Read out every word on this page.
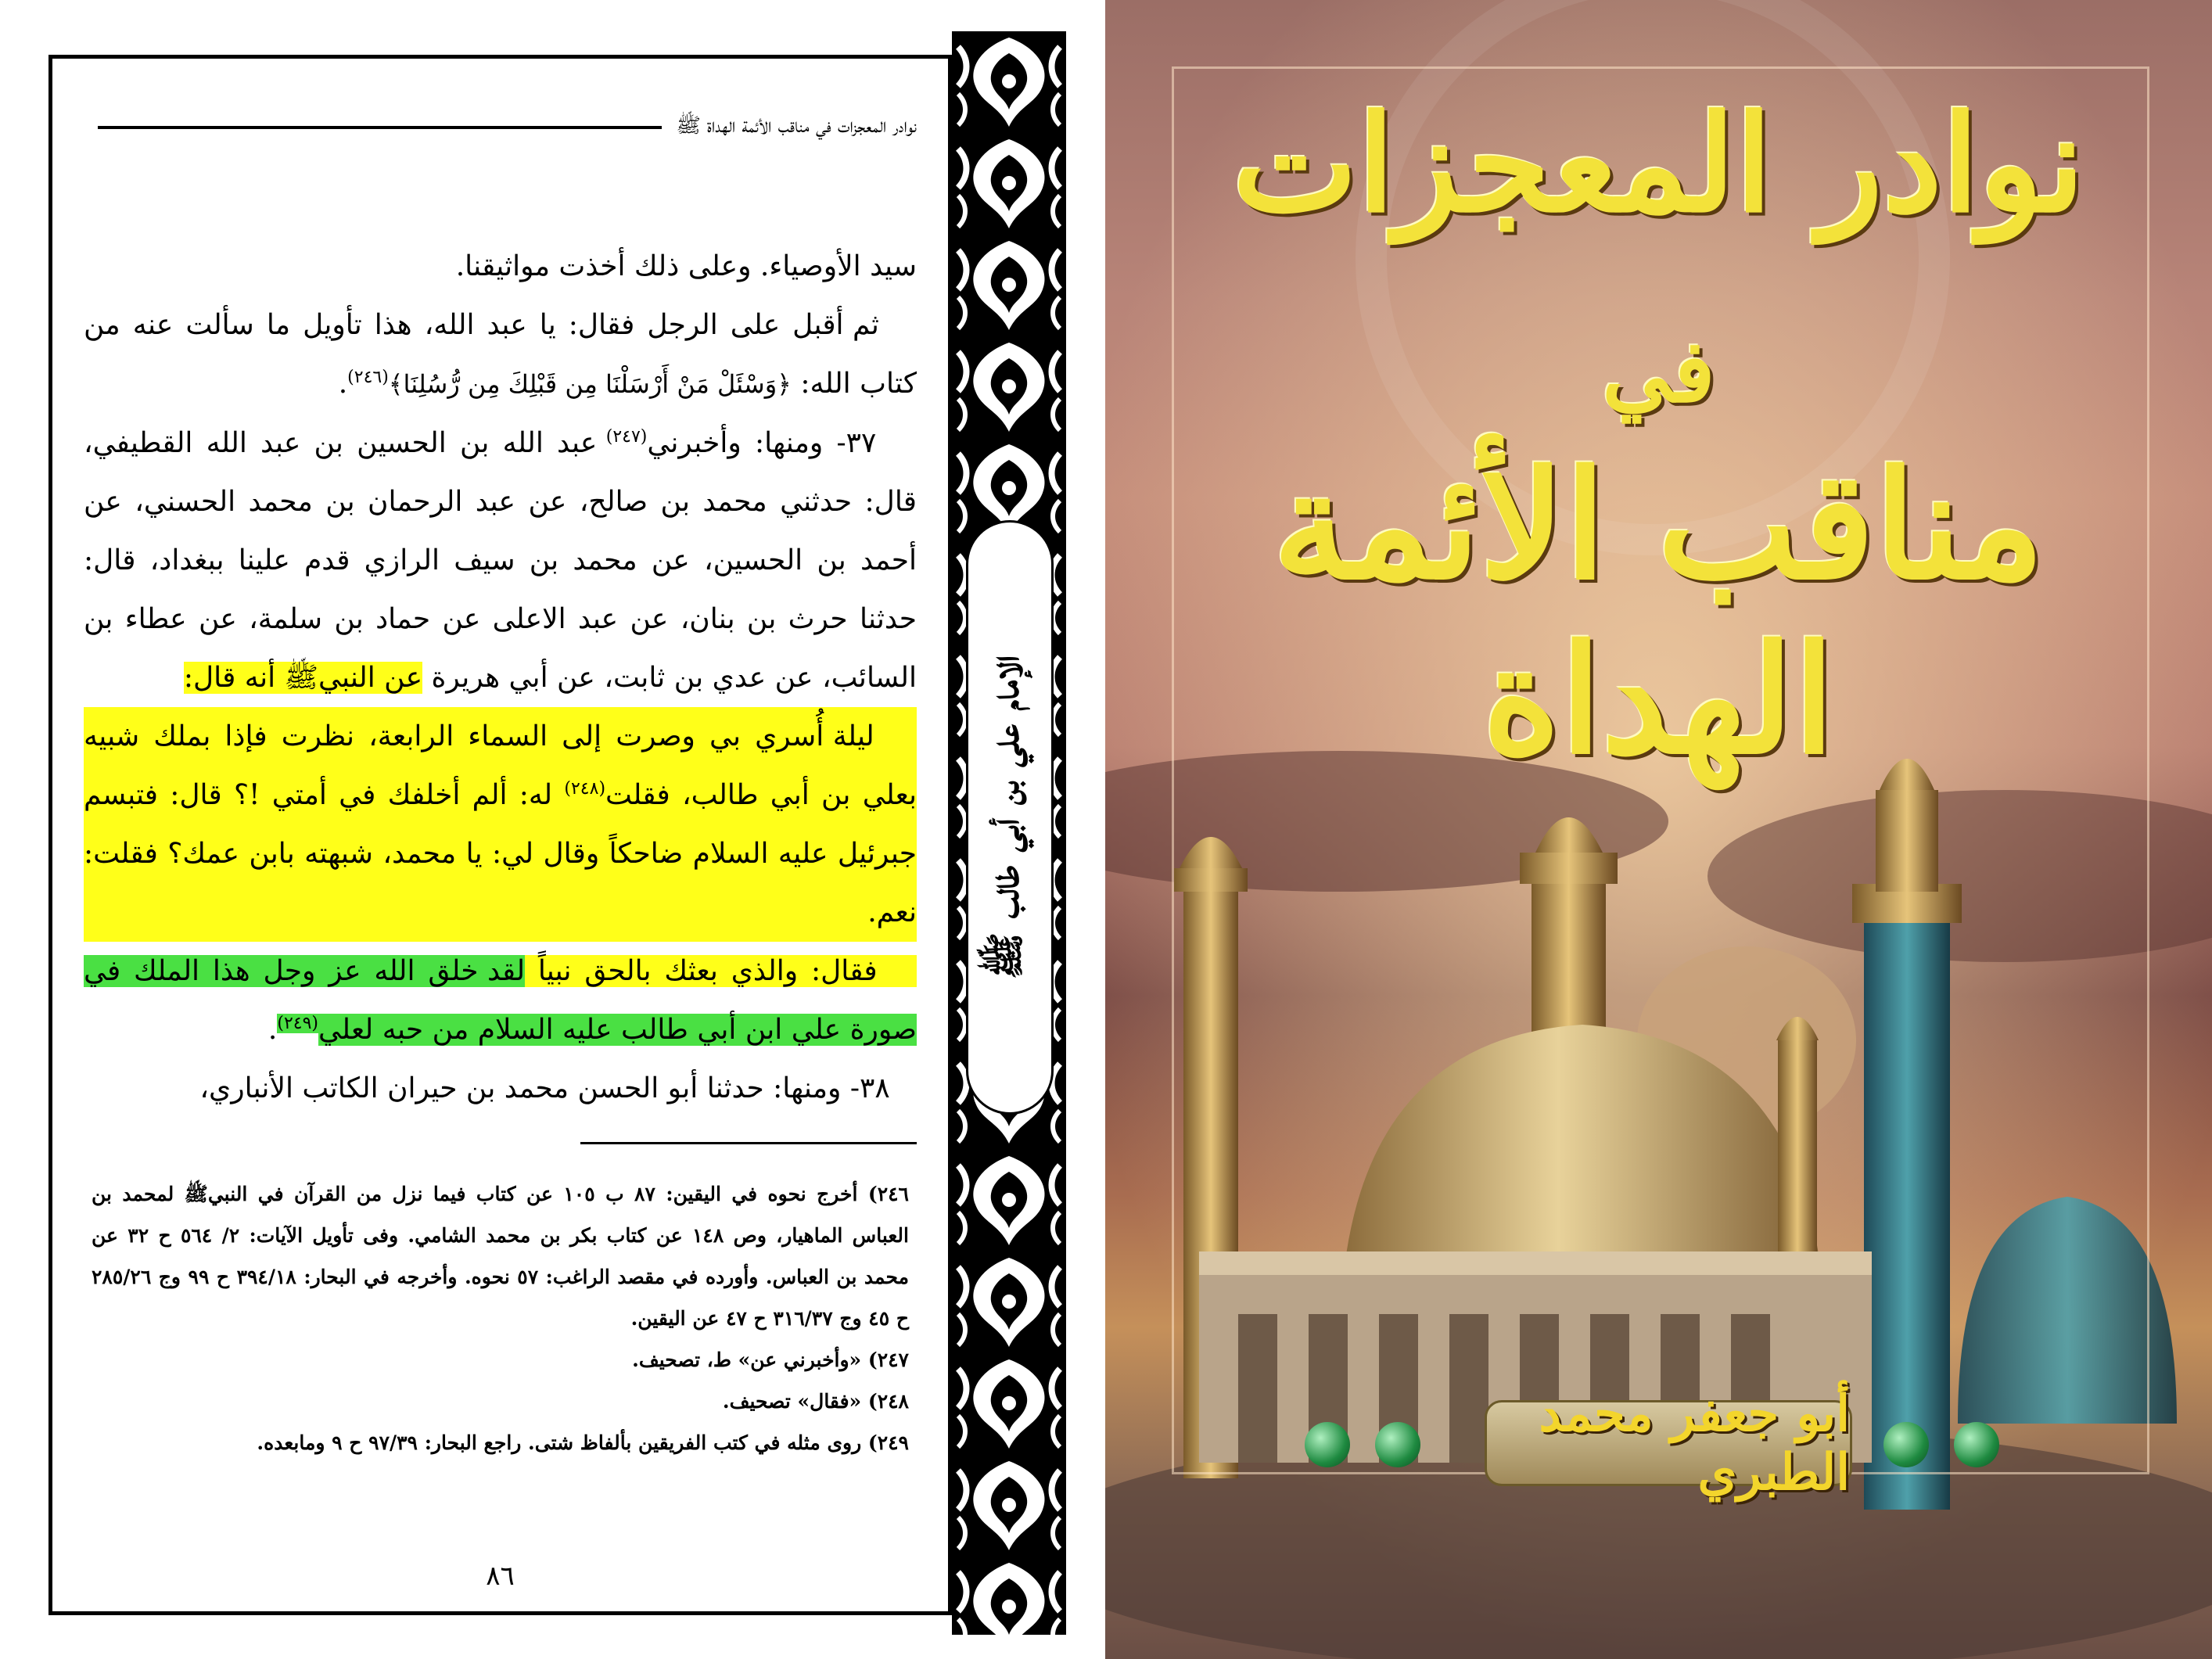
نوادر المعجزات في مناقب الأئمة الهداة ﷺ

سيد الأوصياء. وعلى ذلك أخذت مواثيقنا.

ثم أقبل على الرجل فقال: يا عبد الله، هذا تأويل ما سألت عنه من كتاب الله: ﴿وَسْئَلْ مَنْ أَرْسَلْنَا مِن قَبْلِكَ مِن رُّسُلِنَا﴾$^{(٢٤٦)}$.

٣٧- ومنها: وأخبرني$^{(٢٤٧)}$ عبد الله بن الحسين بن عبد الله القطيفي، قال: حدثني محمد بن صالح، عن عبد الرحمان بن محمد الحسني، عن أحمد بن الحسين، عن محمد بن سيف الرازي قدم علينا ببغداد، قال: حدثنا حرث بن بنان، عن عبد الاعلى عن حماد بن سلمة، عن عطاء بن السائب، عن عدي بن ثابت، عن أبي هريرة عن النبيﷺ أنه قال:

ليلة أُسري بي وصرت إلى السماء الرابعة، نظرت فإذا بملك شبيه بعلي بن أبي طالب، فقلت$^{(٢٤٨)}$ له: ألم أخلفك في أمتي !؟ قال: فتبسم جبرئيل عليه السلام ضاحكاً وقال لي: يا محمد، شبهته بابن عمك؟ فقلت: نعم.

فقال: والذي بعثك بالحق نبياً لقد خلق الله عز وجل هذا الملك في صورة علي ابن أبي طالب عليه السلام من حبه لعلي$^{(٢٤٩)}$.

٣٨- ومنها: حدثنا أبو الحسن محمد بن حيران الكاتب الأنباري،

٢٤٦) أخرج نحوه في اليقين: ٨٧ ب ١٠٥ عن كتاب فيما نزل من القرآن في النبيﷺ لمحمد بن العباس الماهيار، وص ١٤٨ عن كتاب بكر بن محمد الشامي. وفى تأويل الآيات: ٢/ ٥٦٤ ح ٣٢ عن محمد بن العباس. وأورده في مقصد الراغب: ٥٧ نحوه. وأخرجه في البحار: ٣٩٤/١٨ ح ٩٩ وج ٢٨٥/٢٦ ح ٤٥ وج ٣١٦/٣٧ ح ٤٧ عن اليقين.

٢٤٧) «وأخبرني عن» ط، تصحيف.

٢٤٨) «فقال» تصحيف.

٢٤٩) روى مثله في كتب الفريقين بألفاظ شتى. راجع البحار: ٩٧/٣٩ ح ٩ ومابعده.

٨٦
الإمام علي بن أبي طالب ﷺ
نوادر المعجزات
في
مناقب الأئمة الهداة
أبو جعفر محمد الطبري
